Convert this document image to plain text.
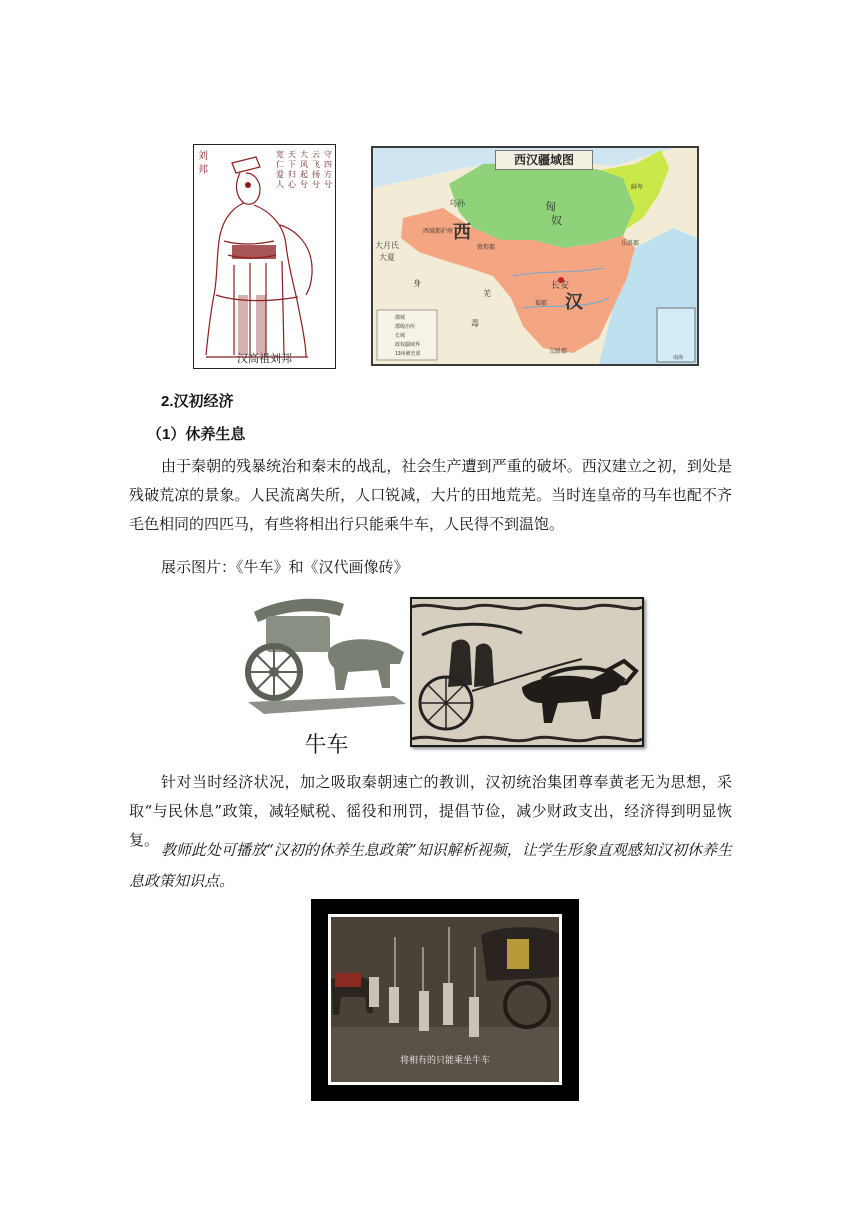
宽
仁
爱
人
天
下
归
心
大
风
起
兮
云
飞
扬
兮
守
四
方
兮
刘
邦
汉高祖刘邦
西汉疆域图
匈
奴
西
汉
长安
西域都护府
敦煌郡
鲜卑
乐浪郡
大月氏
大夏
蜀郡
交趾郡
身
羌
乌孙
毒
都城
郡级治所
长城
政权疆域界
13州刺史部
南海
2.汉初经济
（1）休养生息
由于秦朝的残暴统治和秦末的战乱，社会生产遭到严重的破坏。西汉建立之初，到处是残破荒凉的景象。人民流离失所，人口锐减，大片的田地荒芜。当时连皇帝的马车也配不齐毛色相同的四匹马，有些将相出行只能乘牛车，人民得不到温饱。
展示图片：《牛车》和《汉代画像砖》
牛车
针对当时经济状况，加之吸取秦朝速亡的教训，汉初统治集团尊奉黄老无为思想，采取“与民休息”政策，减轻赋税、徭役和刑罚，提倡节俭，减少财政支出，经济得到明显恢复。
教师此处可播放“汉初的休养生息政策”知识解析视频，让学生形象直观感知汉初休养生息政策知识点。
将相有的只能乘坐牛车
